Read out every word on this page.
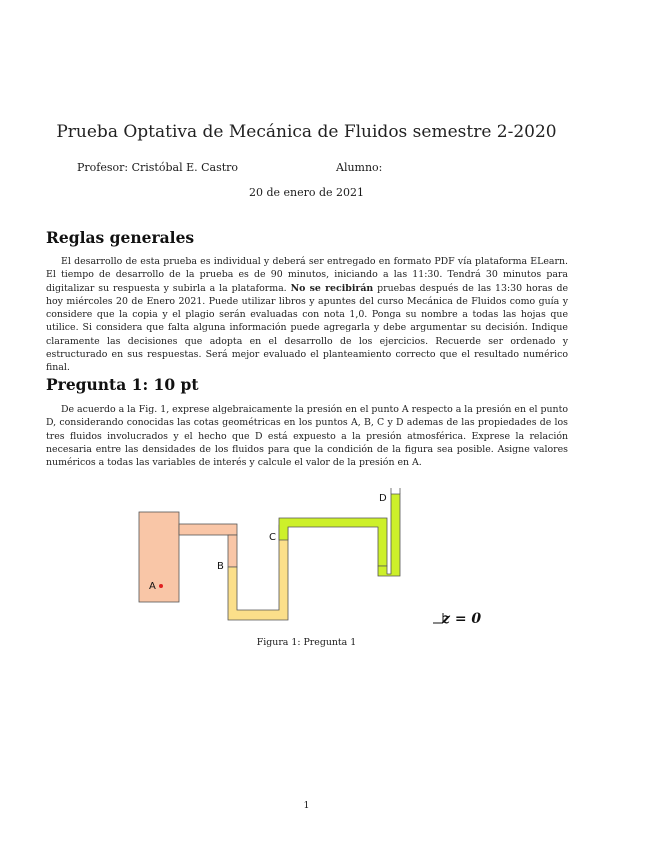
Prueba Optativa de Mecánica de Fluidos semestre 2-2020
Profesor: Cristóbal E. Castro	Alumno:
20 de enero de 2021
Reglas generales
El desarrollo de esta prueba es individual y deberá ser entregado en formato PDF vía plataforma ELearn. El tiempo de desarrollo de la prueba es de 90 minutos, iniciando a las 11:30. Tendrá 30 minutos para digitalizar su respuesta y subirla a la plataforma. No se recibirán pruebas después de las 13:30 horas de hoy miércoles 20 de Enero 2021. Puede utilizar libros y apuntes del curso Mecánica de Fluidos como guía y considere que la copia y el plagio serán evaluadas con nota 1,0. Ponga su nombre a todas las hojas que utilice. Si considera que falta alguna información puede agregarla y debe argumentar su decisión. Indique claramente las decisiones que adopta en el desarrollo de los ejercicios. Recuerde ser ordenado y estructurado en sus respuestas. Será mejor evaluado el planteamiento correcto que el resultado numérico final.
Pregunta 1: 10 pt
De acuerdo a la Fig. 1, exprese algebraicamente la presión en el punto A respecto a la presión en el punto D, considerando conocidas las cotas geométricas en los puntos A, B, C y D ademas de las propiedades de los tres fluidos involucrados y el hecho que D está expuesto a la presión atmosférica. Exprese la relación necesaria entre las densidades de los fluidos para que la condición de la figura sea posible. Asigne valores numéricos a todas las variables de interés y calcule el valor de la presión en A.
A
B
C
D
z = 0
Figura 1: Pregunta 1
1
